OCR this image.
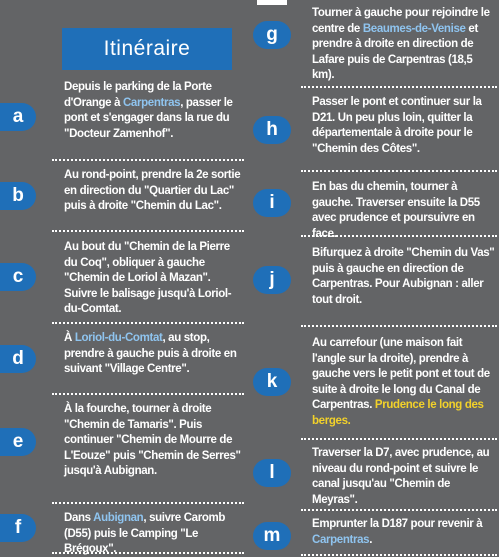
Itinéraire
a
Depuis le parking de la Porte d'Orange à Carpentras, passer le pont et s'engager dans la rue du "Docteur Zamenhof".
b
Au rond-point, prendre la 2e sortie en direction du "Quartier du Lac" puis à droite "Chemin du Lac".
c
Au bout du "Chemin de la Pierre du Coq", obliquer à gauche "Chemin de Loriol à Mazan". Suivre le balisage jusqu'à Loriol-du-Comtat.
d
À Loriol-du-Comtat, au stop, prendre à gauche puis à droite en suivant "Village Centre".
e
À la fourche, tourner à droite "Chemin de Tamaris". Puis continuer "Chemin de Mourre de L'Eouze" puis "Chemin de Serres" jusqu'à Aubignan.
f	Dans Aubignan, suivre Caromb (D55) puis le Camping "Le Brégoux".
g
Tourner à gauche pour rejoindre le centre de Beaumes-de-Venise et prendre à droite en direction de Lafare puis de Carpentras (18,5 km).
h
Passer le pont et continuer sur la D21. Un peu plus loin, quitter la départementale à droite pour le "Chemin des Côtes".
i
En bas du chemin, tourner à gauche. Traverser ensuite la D55 avec prudence et poursuivre en face.
j
Bifurquez à droite "Chemin du Vas" puis à gauche en direction de Carpentras. Pour Aubignan : aller tout droit.
k
Au carrefour (une maison fait l'angle sur la droite), prendre à gauche vers le petit pont et tout de suite à droite le long du Canal de Carpentras. Prudence le long des berges.
l
Traverser la D7, avec prudence, au niveau du rond-point et suivre le canal jusqu'au "Chemin de Meyras".
m
Emprunter la D187 pour revenir à Carpentras.
